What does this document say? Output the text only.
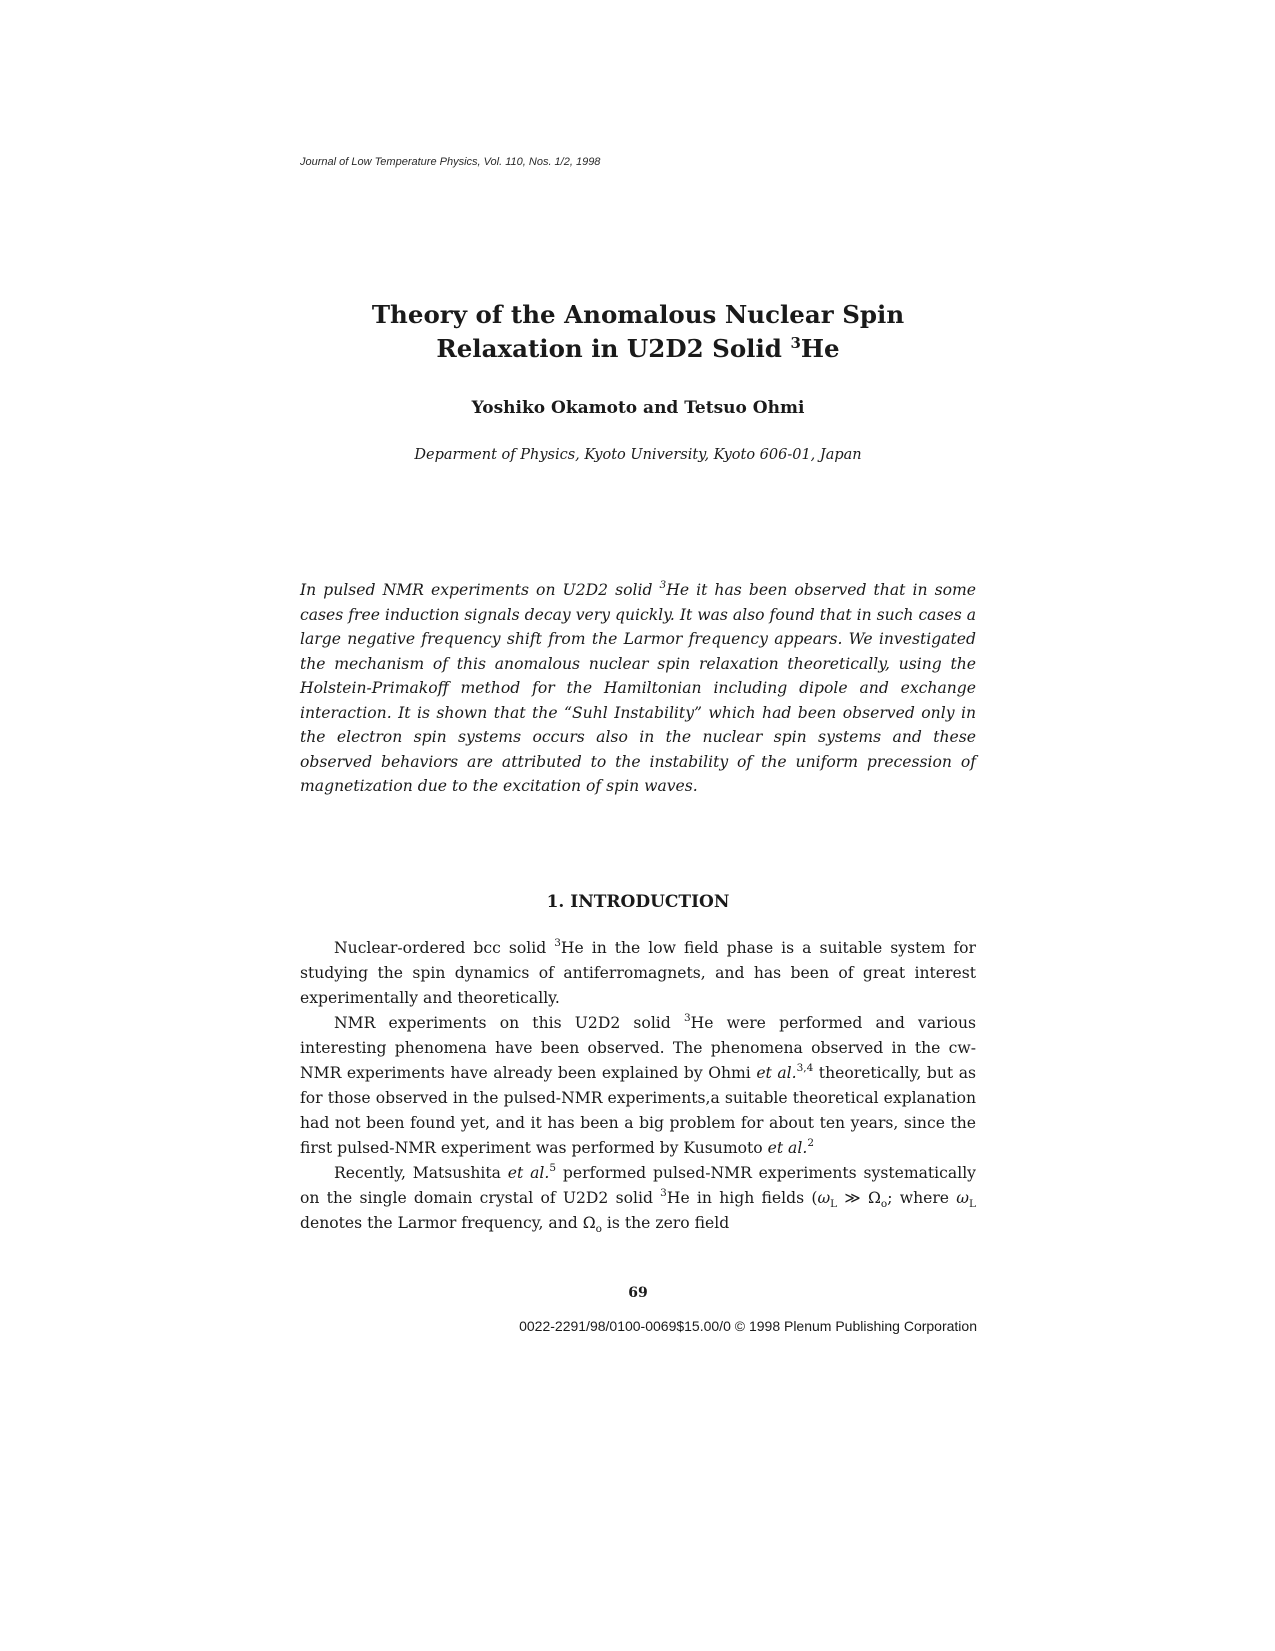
Journal of Low Temperature Physics, Vol. 110, Nos. 1/2, 1998
Theory of the Anomalous Nuclear Spin
Relaxation in U2D2 Solid $^3$He
Yoshiko Okamoto and Tetsuo Ohmi
Deparment of Physics, Kyoto University, Kyoto 606-01, Japan
In pulsed NMR experiments on U2D2 solid $^3$He it has been observed that in some cases free induction signals decay very quickly. It was also found that in such cases a large negative frequency shift from the Larmor frequency appears. We investigated the mechanism of this anomalous nuclear spin relaxation theoretically, using the Holstein-Primakoff method for the Hamiltonian including dipole and exchange interaction. It is shown that the “Suhl Instability” which had been observed only in the electron spin systems occurs also in the nuclear spin systems and these observed behaviors are attributed to the instability of the uniform precession of magnetization due to the excitation of spin waves.
1. INTRODUCTION

Nuclear-ordered bcc solid $^3$He in the low field phase is a suitable system for studying the spin dynamics of antiferromagnets, and has been of great interest experimentally and theoretically.

NMR experiments on this U2D2 solid $^3$He were performed and various interesting phenomena have been observed. The phenomena observed in the cw-NMR experiments have already been explained by Ohmi et al.$^{3,4}$ theoretically, but as for those observed in the pulsed-NMR experiments,a suitable theoretical explanation had not been found yet, and it has been a big problem for about ten years, since the first pulsed-NMR experiment was performed by Kusumoto et al.$^2$

Recently, Matsushita et al.$^5$ performed pulsed-NMR experiments systematically on the single domain crystal of U2D2 solid $^3$He in high fields ($\omega_L$ ≫ $\Omega_o$; where $\omega_L$ denotes the Larmor frequency, and $\Omega_o$ is the zero field

69
0022-2291/98/0100-0069$15.00/0 © 1998 Plenum Publishing Corporation
